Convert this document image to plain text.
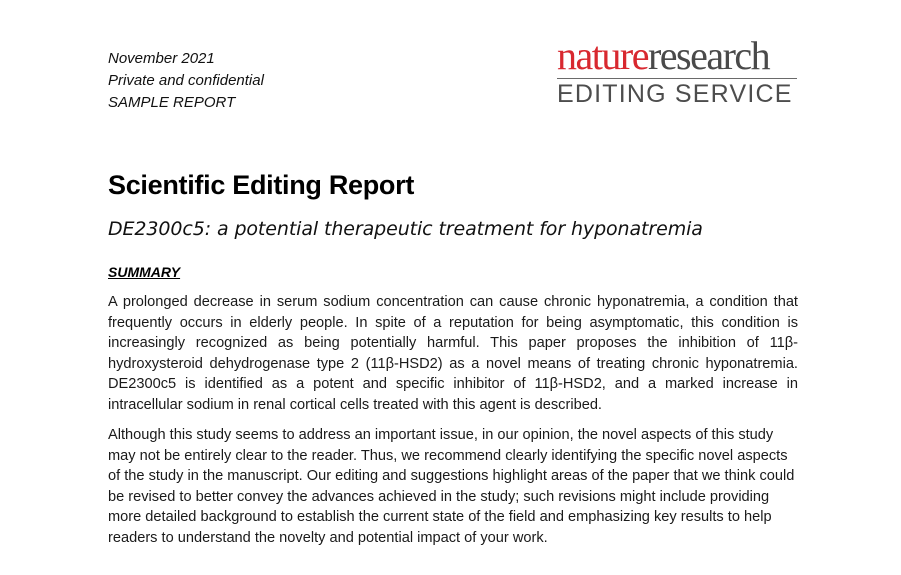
November 2021
Private and confidential
SAMPLE REPORT
natureresearch
EDITING SERVICE
Scientific Editing Report
DE2300c5: a potential therapeutic treatment for hyponatremia
SUMMARY

A prolonged decrease in serum sodium concentration can cause chronic hyponatremia, a condition that frequently occurs in elderly people. In spite of a reputation for being asymptomatic, this condition is increasingly recognized as being potentially harmful. This paper proposes the inhibition of 11β-hydroxysteroid dehydrogenase type 2 (11β-HSD2) as a novel means of treating chronic hyponatremia. DE2300c5 is identified as a potent and specific inhibitor of 11β-HSD2, and a marked increase in intracellular sodium in renal cortical cells treated with this agent is described.

Although this study seems to address an important issue, in our opinion, the novel aspects of this study may not be entirely clear to the reader. Thus, we recommend clearly identifying the specific novel aspects of the study in the manuscript. Our editing and suggestions highlight areas of the paper that we think could be revised to better convey the advances achieved in the study; such revisions might include providing more detailed background to establish the current state of the field and emphasizing key results to help readers to understand the novelty and potential impact of your work.
